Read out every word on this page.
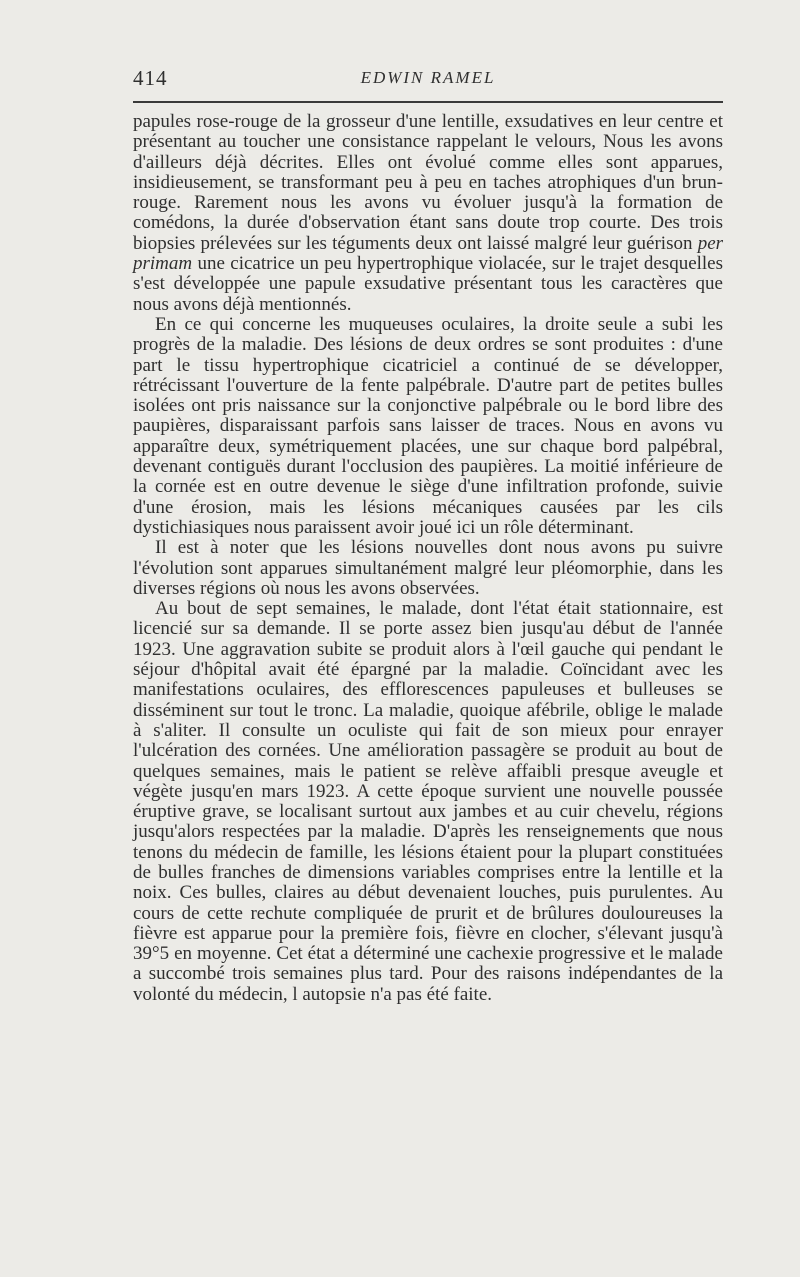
414	EDWIN RAMEL

papules rose-rouge de la grosseur d'une lentille, exsudatives en leur centre et présentant au toucher une consistance rappelant le velours, Nous les avons d'ailleurs déjà décrites. Elles ont évolué comme elles sont apparues, insidieusement, se transformant peu à peu en taches atrophiques d'un brun-rouge. Rarement nous les avons vu évoluer jusqu'à la formation de comédons, la durée d'observation étant sans doute trop courte. Des trois biopsies prélevées sur les téguments deux ont laissé malgré leur guérison per primam une cicatrice un peu hypertrophique violacée, sur le trajet desquelles s'est développée une papule exsudative présentant tous les caractères que nous avons déjà mentionnés.

En ce qui concerne les muqueuses oculaires, la droite seule a subi les progrès de la maladie. Des lésions de deux ordres se sont produites : d'une part le tissu hypertrophique cicatriciel a continué de se développer, rétrécissant l'ouverture de la fente palpébrale. D'autre part de petites bulles isolées ont pris naissance sur la conjonctive palpébrale ou le bord libre des paupières, disparaissant parfois sans laisser de traces. Nous en avons vu apparaître deux, symétriquement placées, une sur chaque bord palpébral, devenant contiguës durant l'occlusion des paupières. La moitié inférieure de la cornée est en outre devenue le siège d'une infiltration profonde, suivie d'une érosion, mais les lésions mécaniques causées par les cils dystichiasiques nous paraissent avoir joué ici un rôle déterminant.

Il est à noter que les lésions nouvelles dont nous avons pu suivre l'évolution sont apparues simultanément malgré leur pléomorphie, dans les diverses régions où nous les avons observées.

Au bout de sept semaines, le malade, dont l'état était stationnaire, est licencié sur sa demande. Il se porte assez bien jusqu'au début de l'année 1923. Une aggravation subite se produit alors à l'œil gauche qui pendant le séjour d'hôpital avait été épargné par la maladie. Coïncidant avec les manifestations oculaires, des efflorescences papuleuses et bulleuses se disséminent sur tout le tronc. La maladie, quoique afébrile, oblige le malade à s'aliter. Il consulte un oculiste qui fait de son mieux pour enrayer l'ulcération des cornées. Une amélioration passagère se produit au bout de quelques semaines, mais le patient se relève affaibli presque aveugle et végète jusqu'en mars 1923. A cette époque survient une nouvelle poussée éruptive grave, se localisant surtout aux jambes et au cuir chevelu, régions jusqu'alors respectées par la maladie. D'après les renseignements que nous tenons du médecin de famille, les lésions étaient pour la plupart constituées de bulles franches de dimensions variables comprises entre la lentille et la noix. Ces bulles, claires au début devenaient louches, puis purulentes. Au cours de cette rechute compliquée de prurit et de brûlures douloureuses la fièvre est apparue pour la première fois, fièvre en clocher, s'élevant jusqu'à 39°5 en moyenne. Cet état a déterminé une cachexie progressive et le malade a succombé trois semaines plus tard. Pour des raisons indépendantes de la volonté du médecin, l autopsie n'a pas été faite.
